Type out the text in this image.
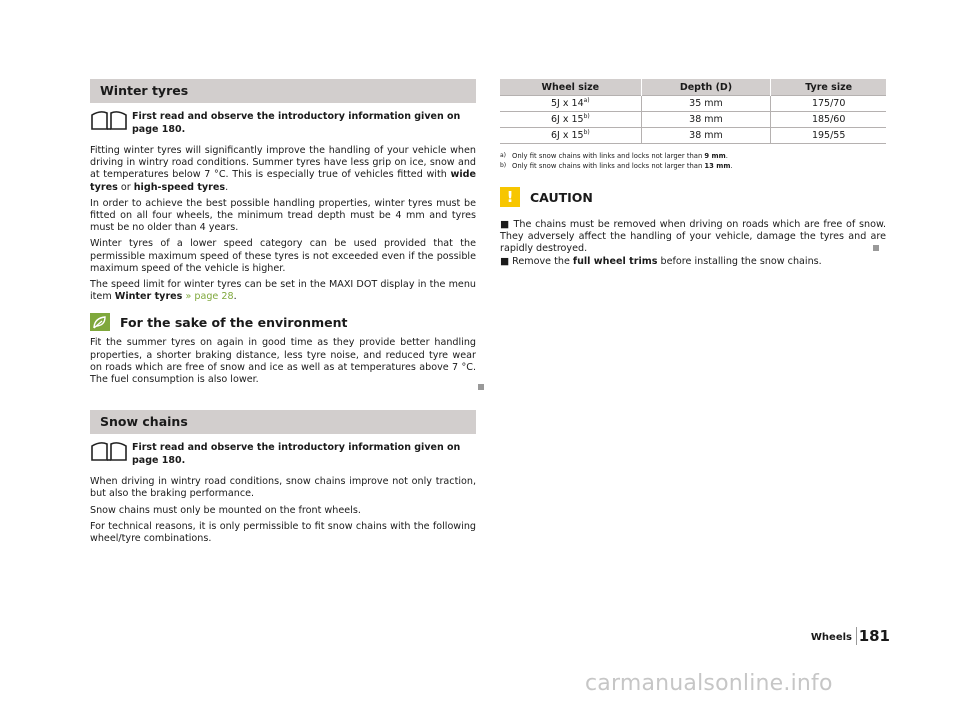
Winter tyres
First read and observe the introductory information given on page 180.

Fitting winter tyres will significantly improve the handling of your vehicle when driving in wintry road conditions. Summer tyres have less grip on ice, snow and at temperatures below 7 °C. This is especially true of vehicles fitted with wide tyres or high-speed tyres.

In order to achieve the best possible handling properties, winter tyres must be fitted on all four wheels, the minimum tread depth must be 4 mm and tyres must be no older than 4 years.

Winter tyres of a lower speed category can be used provided that the permissible maximum speed of these tyres is not exceeded even if the possible maximum speed of the vehicle is higher.

The speed limit for winter tyres can be set in the MAXI DOT display in the menu item Winter tyres » page 28.

For the sake of the environment

Fit the summer tyres on again in good time as they provide better handling properties, a shorter braking distance, less tyre noise, and reduced tyre wear on roads which are free of snow and ice as well as at temperatures above 7 °C. The fuel consumption is also lower.

Snow chains
First read and observe the introductory information given on page 180.

When driving in wintry road conditions, snow chains improve not only traction, but also the braking performance.

Snow chains must only be mounted on the front wheels.

For technical reasons, it is only permissible to fit snow chains with the following wheel/tyre combinations.

Wheel size	Depth (D)	Tyre size
5J x 14$^{a)}$	35 mm	175/70
6J x 15$^{b)}$	38 mm	185/60
6J x 15$^{b)}$	38 mm	195/55
a) Only fit snow chains with links and locks not larger than 9 mm.
b) Only fit snow chains with links and locks not larger than 13 mm.
!	CAUTION

■ The chains must be removed when driving on roads which are free of snow. They adversely affect the handling of your vehicle, damage the tyres and are rapidly destroyed.

■ Remove the full wheel trims before installing the snow chains.

Wheels 181
carmanualsonline.info
